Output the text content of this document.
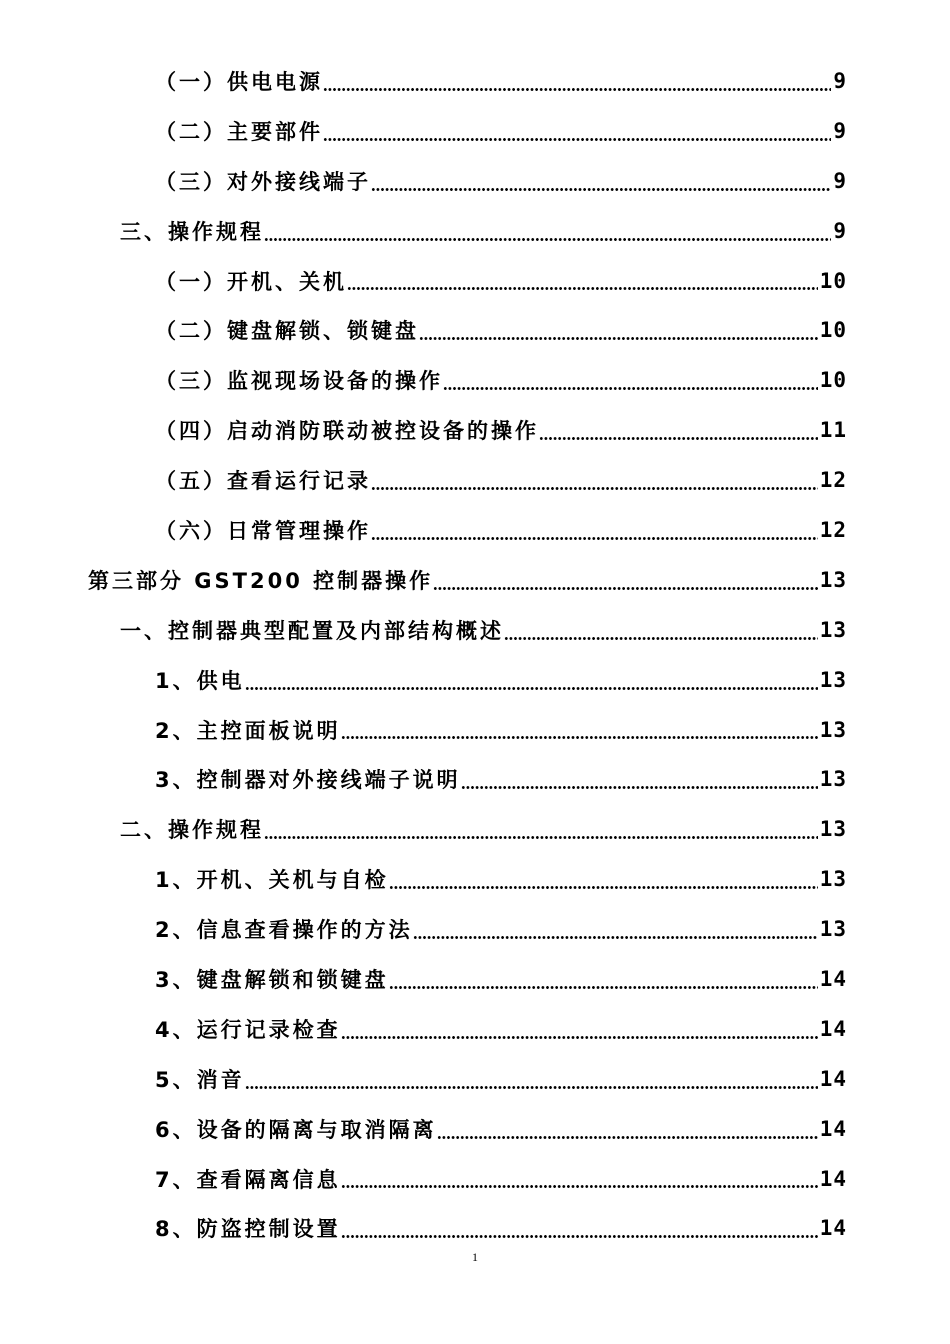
（一）供电电源	9
（二）主要部件	9
（三）对外接线端子	9
三、操作规程	9
（一）开机、关机	10
（二）键盘解锁、锁键盘	10
（三）监视现场设备的操作	10
（四）启动消防联动被控设备的操作	11
（五）查看运行记录	12
（六）日常管理操作	12
第三部分 GST200 控制器操作	13
一、控制器典型配置及内部结构概述	13
1、供电	13
2、主控面板说明	13
3、控制器对外接线端子说明	13
二、操作规程	13
1、开机、关机与自检	13
2、信息查看操作的方法	13
3、键盘解锁和锁键盘	14
4、运行记录检查	14
5、消音	14
6、设备的隔离与取消隔离	14
7、查看隔离信息	14
8、防盗控制设置	14
1
